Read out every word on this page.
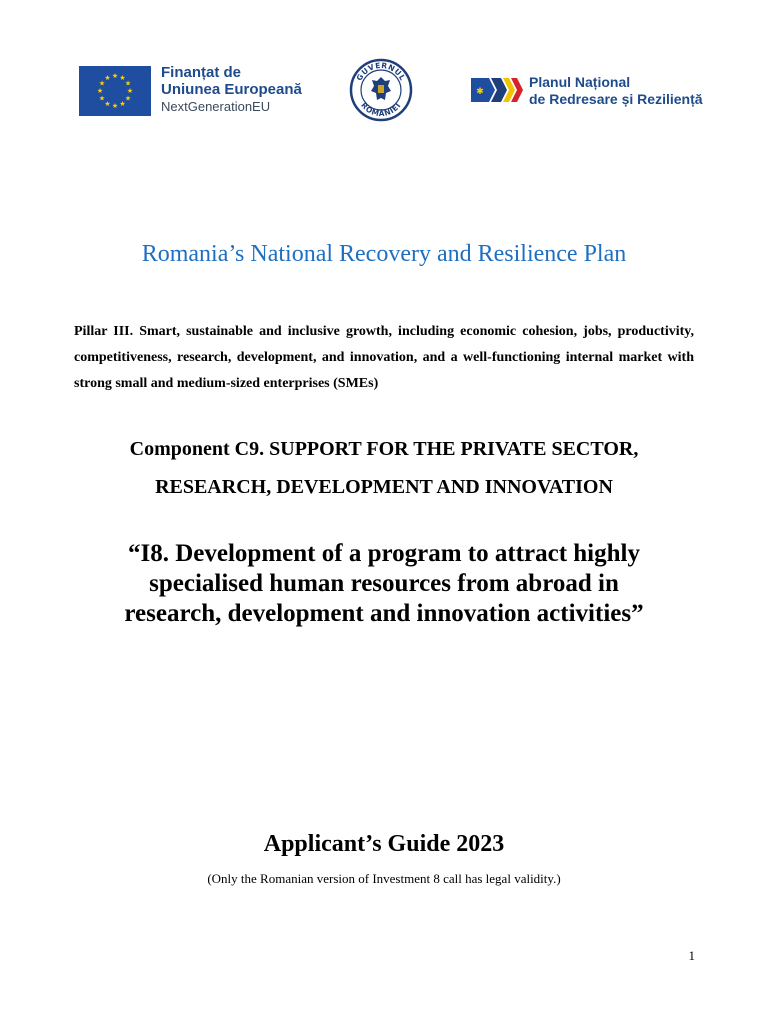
★ ★
★
★
★
★
★
★
★
★
★
★	Finanțat de
Uniunea Europeană
NextGenerationEU
GUVERNUL
ROMÂNIEI
✱
Planul Național
de Redresare și Reziliență
Romania’s National Recovery and Resilience Plan
Pillar III. Smart, sustainable and inclusive growth, including economic cohesion, jobs, productivity, competitiveness, research, development, and innovation, and a well-functioning internal market with strong small and medium-sized enterprises (SMEs)
Component C9. SUPPORT FOR THE PRIVATE SECTOR,
RESEARCH, DEVELOPMENT AND INNOVATION
“I8. Development of a program to attract highly
specialised human resources from abroad in
research, development and innovation activities”
Applicant’s Guide 2023
(Only the Romanian version of Investment 8 call has legal validity.)
1
